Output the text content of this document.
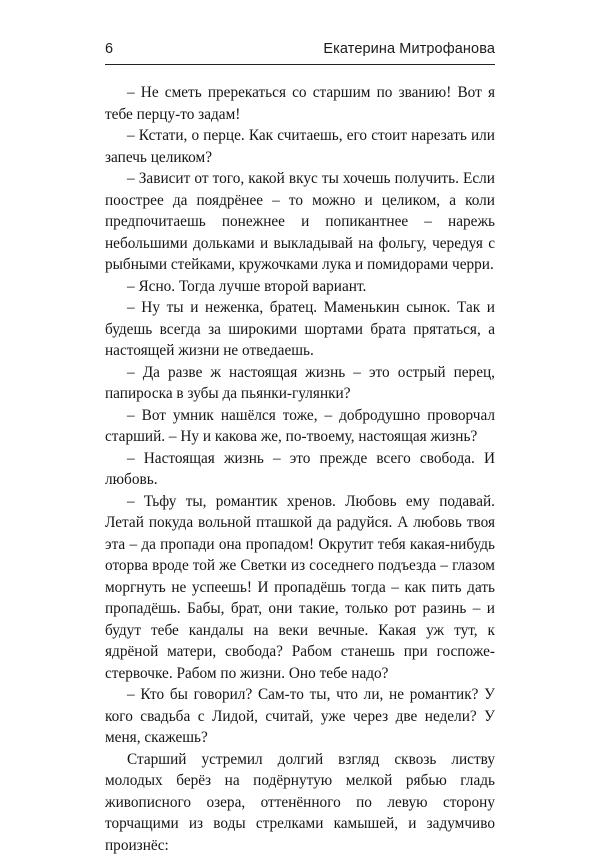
6	Екатерина Митрофанова

– Не сметь пререкаться со старшим по званию! Вот я тебе перцу-то задам!

– Кстати, о перце. Как считаешь, его стоит нарезать или запечь целиком?

– Зависит от того, какой вкус ты хочешь получить. Если поострее да поядрёнее – то можно и целиком, а коли предпочитаешь понежнее и попикантнее – нарежь небольшими дольками и выкладывай на фольгу, чередуя с рыбными стейками, кружочками лука и помидорами черри.

– Ясно. Тогда лучше второй вариант.

– Ну ты и неженка, братец. Маменькин сынок. Так и будешь всегда за широкими шортами брата прятаться, а настоящей жизни не отведаешь.

– Да разве ж настоящая жизнь – это острый перец, папироска в зубы да пьянки-гулянки?

– Вот умник нашёлся тоже, – добродушно проворчал старший. – Ну и какова же, по-твоему, настоящая жизнь?

– Настоящая жизнь – это прежде всего свобода. И любовь.

– Тьфу ты, романтик хренов. Любовь ему подавай. Летай покуда вольной пташкой да радуйся. А любовь твоя эта – да пропади она пропадом! Окрутит тебя какая-нибудь оторва вроде той же Светки из соседнего подъезда – глазом моргнуть не успеешь! И пропадёшь тогда – как пить дать пропадёшь. Бабы, брат, они такие, только рот разинь – и будут тебе кандалы на веки вечные. Какая уж тут, к ядрёной матери, свобода? Рабом станешь при госпоже-стервочке. Рабом по жизни. Оно тебе надо?

– Кто бы говорил? Сам-то ты, что ли, не романтик? У кого свадьба с Лидой, считай, уже через две недели? У меня, скажешь?

Старший устремил долгий взгляд сквозь листву молодых берёз на подёрнутую мелкой рябью гладь живописного озера, оттенённого по левую сторону торчащими из воды стрелками камышей, и задумчиво произнёс:
